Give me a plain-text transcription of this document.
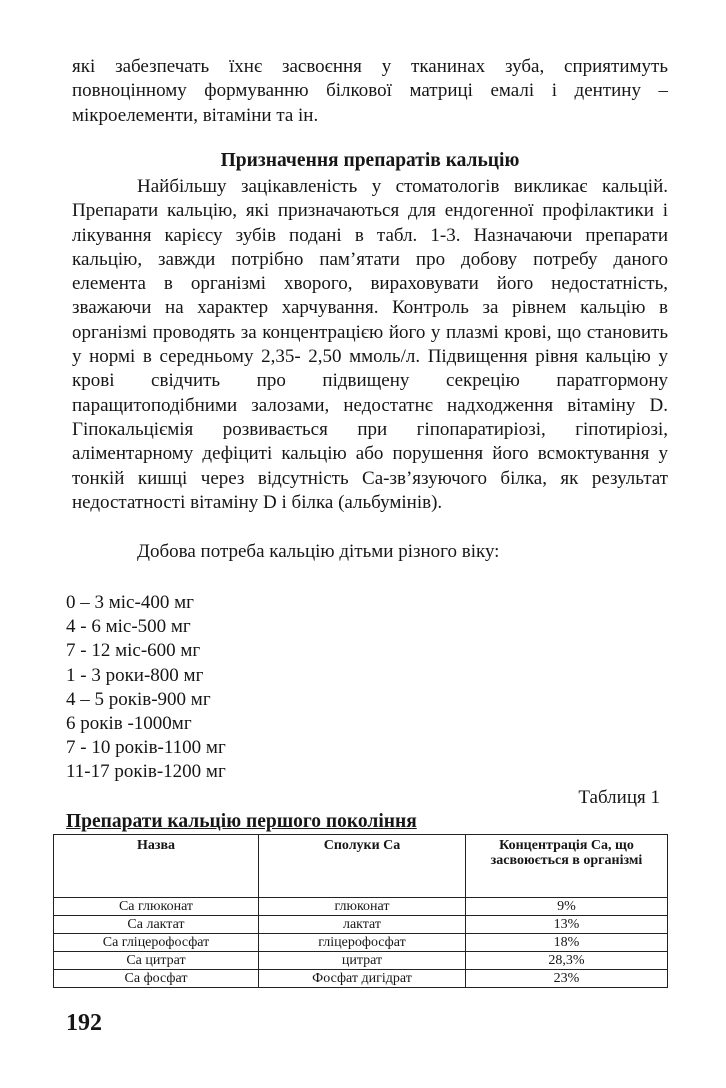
які забезпечать їхнє засвоєння у тканинах зуба, сприятимуть повноцінному формуванню білкової матриці емалі і дентину – мікроелементи, вітаміни та ін.

Призначення препаратів кальцію

Найбільшу зацікавленість у стоматологів викликає кальцій. Препарати кальцію, які призначаються для ендогенної профілактики і лікування карієсу зубів подані в табл. 1-3. Назначаючи препарати кальцію, завжди потрібно пам’ятати про добову потребу даного елемента в організмі хворого, вираховувати його недостатність, зважаючи на характер харчування. Контроль за рівнем кальцію в організмі проводять за концентрацією його у плазмі крові, що становить у нормі в середньому 2,35- 2,50 ммоль/л. Підвищення рівня кальцію у крові свідчить про підвищену секрецію паратгормону паращитоподібними залозами, недостатнє надходження вітаміну D. Гіпокальціємія розвивається при гіпопаратиріозі, гіпотиріозі, аліментарному дефіциті кальцію або порушення його всмоктування у тонкій кишці через відсутність Са-зв’язуючого білка, як результат недостатності вітаміну D і білка (альбумінів).

Добова потреба кальцію дітьми різного віку:

0 – 3 міс-400 мг
4 - 6 міс-500 мг
7 - 12 міс-600 мг
1 - 3 роки-800 мг
4 – 5 років-900 мг
6 років -1000мг
7 - 10 років-1100 мг
11-17 років-1200 мг
Таблиця 1
Препарати кальцію першого покоління
Назва	Сполуки Са	Концентрація Са, що засвоюється в організмі
Са глюконат	глюконат	9%
Са лактат	лактат	13%
Са гліцерофосфат	гліцерофосфат	18%
Са цитрат	цитрат	28,3%
Са фосфат	Фосфат дигідрат	23%
192
